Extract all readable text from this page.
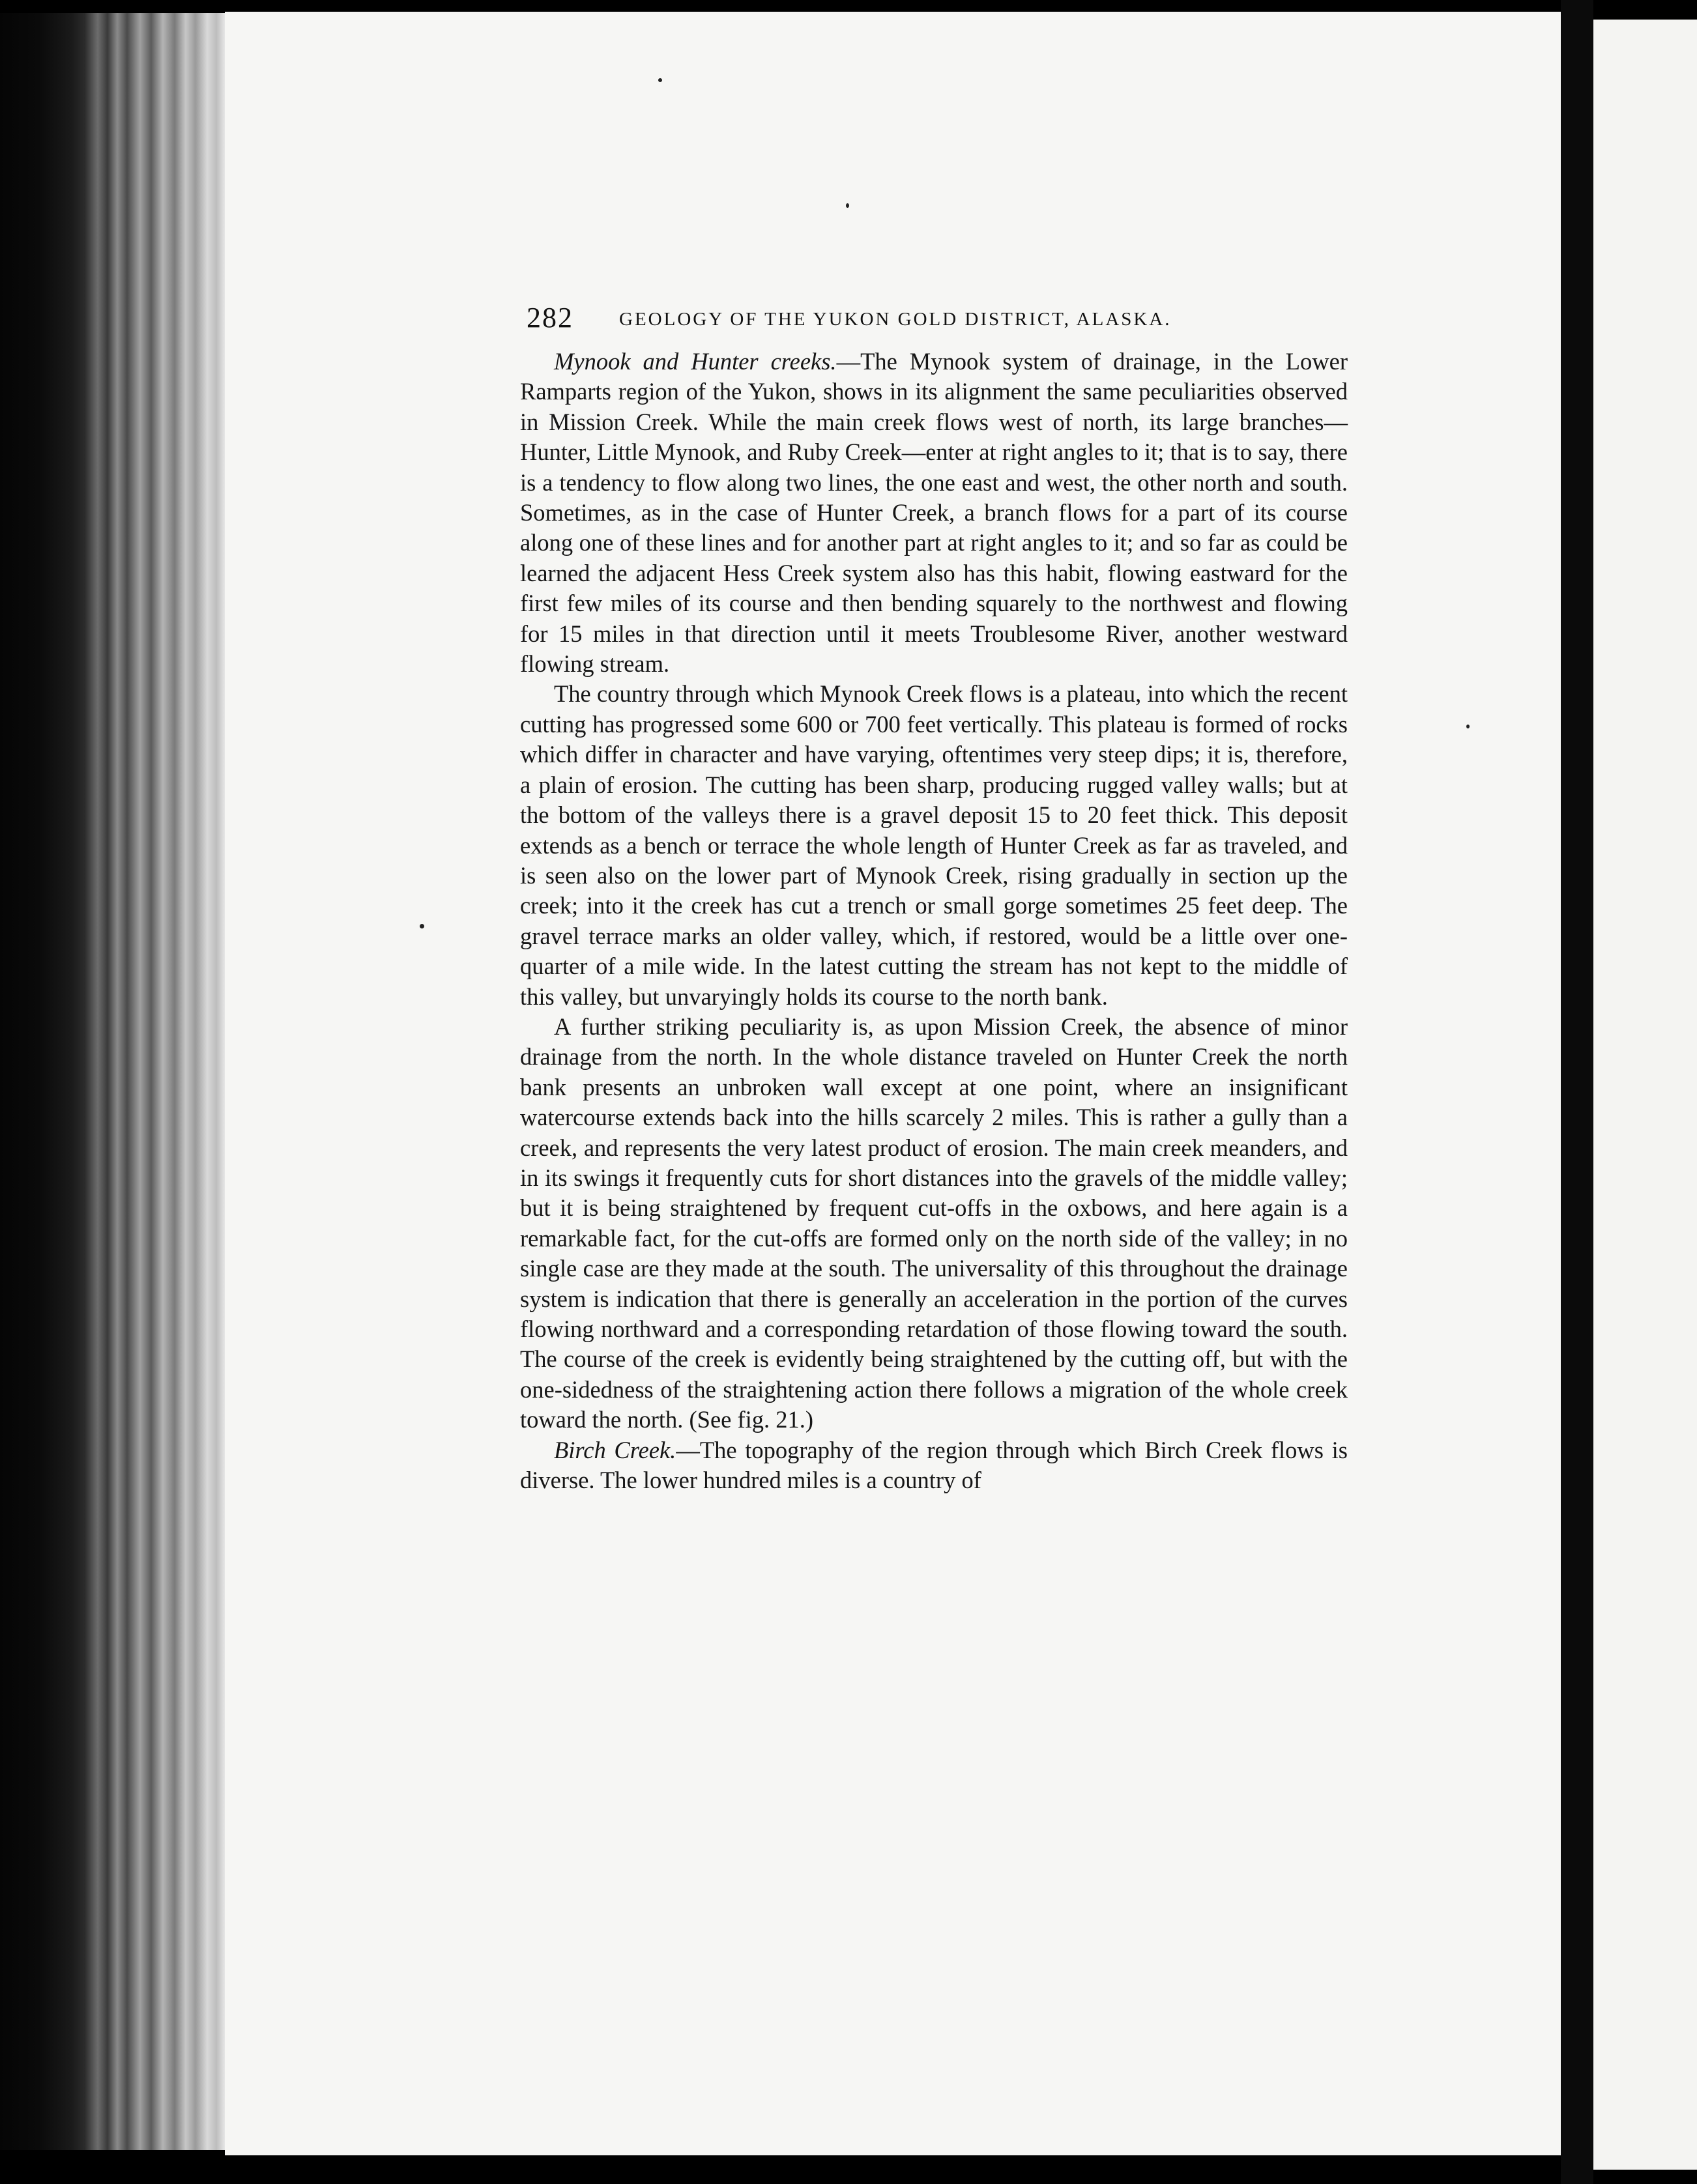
282 GEOLOGY OF THE YUKON GOLD DISTRICT, ALASKA.

Mynook and Hunter creeks.—The Mynook system of drainage, in the Lower Ramparts region of the Yukon, shows in its alignment the same peculiarities observed in Mission Creek. While the main creek flows west of north, its large branches—Hunter, Little Mynook, and Ruby Creek—enter at right angles to it; that is to say, there is a tendency to flow along two lines, the one east and west, the other north and south. Sometimes, as in the case of Hunter Creek, a branch flows for a part of its course along one of these lines and for another part at right angles to it; and so far as could be learned the adjacent Hess Creek system also has this habit, flowing eastward for the first few miles of its course and then bending squarely to the northwest and flowing for 15 miles in that direction until it meets Troublesome River, another westward flowing stream.

The country through which Mynook Creek flows is a plateau, into which the recent cutting has progressed some 600 or 700 feet vertically. This plateau is formed of rocks which differ in character and have varying, oftentimes very steep dips; it is, therefore, a plain of erosion. The cutting has been sharp, producing rugged valley walls; but at the bottom of the valleys there is a gravel deposit 15 to 20 feet thick. This deposit extends as a bench or terrace the whole length of Hunter Creek as far as traveled, and is seen also on the lower part of Mynook Creek, rising gradually in section up the creek; into it the creek has cut a trench or small gorge sometimes 25 feet deep. The gravel terrace marks an older valley, which, if restored, would be a little over one-quarter of a mile wide. In the latest cutting the stream has not kept to the middle of this valley, but unvaryingly holds its course to the north bank.

A further striking peculiarity is, as upon Mission Creek, the absence of minor drainage from the north. In the whole distance traveled on Hunter Creek the north bank presents an unbroken wall except at one point, where an insignificant watercourse extends back into the hills scarcely 2 miles. This is rather a gully than a creek, and represents the very latest product of erosion. The main creek meanders, and in its swings it frequently cuts for short distances into the gravels of the middle valley; but it is being straightened by frequent cut-offs in the oxbows, and here again is a remarkable fact, for the cut-offs are formed only on the north side of the valley; in no single case are they made at the south. The universality of this throughout the drainage system is indication that there is generally an acceleration in the portion of the curves flowing northward and a corresponding retardation of those flowing toward the south. The course of the creek is evidently being straightened by the cutting off, but with the one-sidedness of the straightening action there follows a migration of the whole creek toward the north. (See fig. 21.)

Birch Creek.—The topography of the region through which Birch Creek flows is diverse. The lower hundred miles is a country of
